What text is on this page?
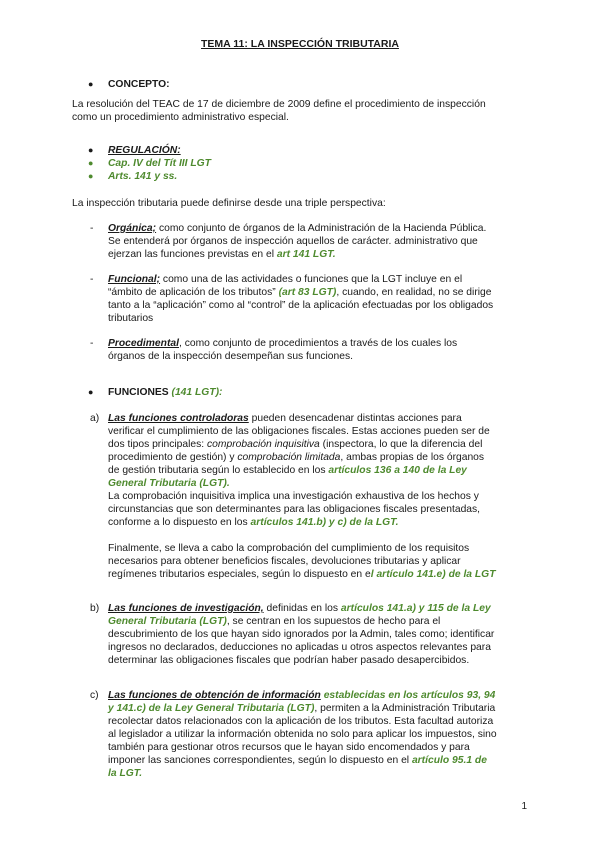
TEMA 11: LA INSPECCIÓN TRIBUTARIA
● CONCEPTO:
La resolución del TEAC de 17 de diciembre de 2009 define el procedimiento de inspección
como un procedimiento administrativo especial.
● REGULACIÓN:
● Cap. IV del Tít III LGT
● Arts. 141 y ss.
La inspección tributaria puede definirse desde una triple perspectiva:
- Orgánica; como conjunto de órganos de la Administración de la Hacienda Pública.
Se entenderá por órganos de inspección aquellos de carácter. administrativo que
ejerzan las funciones previstas en el art 141 LGT.
- Funcional; como una de las actividades o funciones que la LGT incluye en el
“ámbito de aplicación de los tributos” (art 83 LGT), cuando, en realidad, no se dirige
tanto a la “aplicación” como al “control” de la aplicación efectuadas por los obligados
tributarios
- Procedimental, como conjunto de procedimientos a través de los cuales los
órganos de la inspección desempeñan sus funciones.
● FUNCIONES (141 LGT):
a) Las funciones controladoras pueden desencadenar distintas acciones para
verificar el cumplimiento de las obligaciones fiscales. Estas acciones pueden ser de
dos tipos principales: comprobación inquisitiva (inspectora, lo que la diferencia del
procedimiento de gestión) y comprobación limitada, ambas propias de los órganos
de gestión tributaria según lo establecido en los artículos 136 a 140 de la Ley
General Tributaria (LGT).
La comprobación inquisitiva implica una investigación exhaustiva de los hechos y
circunstancias que son determinantes para las obligaciones fiscales presentadas,
conforme a lo dispuesto en los artículos 141.b) y c) de la LGT.
Finalmente, se lleva a cabo la comprobación del cumplimiento de los requisitos
necesarios para obtener beneficios fiscales, devoluciones tributarias y aplicar
regímenes tributarios especiales, según lo dispuesto en el artículo 141.e) de la LGT
b) Las funciones de investigación, definidas en los artículos 141.a) y 115 de la Ley
General Tributaria (LGT), se centran en los supuestos de hecho para el
descubrimiento de los que hayan sido ignorados por la Admin, tales como; identificar
ingresos no declarados, deducciones no aplicadas u otros aspectos relevantes para
determinar las obligaciones fiscales que podrían haber pasado desapercibidos.
c) Las funciones de obtención de información establecidas en los artículos 93, 94
y 141.c) de la Ley General Tributaria (LGT), permiten a la Administración Tributaria
recolectar datos relacionados con la aplicación de los tributos. Esta facultad autoriza
al legislador a utilizar la información obtenida no solo para aplicar los impuestos, sino
también para gestionar otros recursos que le hayan sido encomendados y para
imponer las sanciones correspondientes, según lo dispuesto en el artículo 95.1 de
la LGT.
1
